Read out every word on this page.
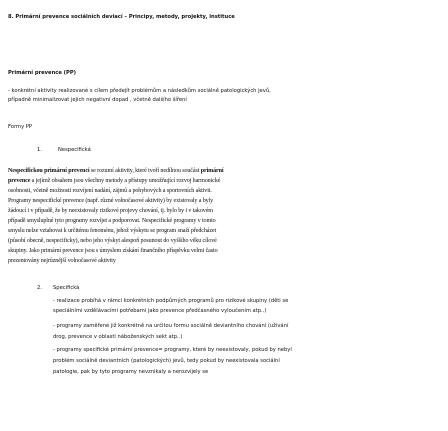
8. Primární prevence sociálních deviací – Principy, metody, projekty, instituce
Primární prevence (PP)
- konkrétní aktivity realizované s cílem předejít problémům a následkům sociálně patologických jevů,
případně minimalizovat jejich negativní dopad , včetně dalšího šíření
Formy PP
1.	Nespecifická
Nespecifickou primární prevencí se rozumí aktivity, které tvoří nedílnou součást primární
prevence a jejímž obsahem jsou všechny metody a přístupy umožňující rozvoj harmonické
osobnosti, včetně možnosti rozvíjení nadání, zájmů a pohybových a sportovních aktivit.
Programy nespecifické prevence (např. různé volnočasové aktivity) by existovaly a byly
žádoucí i v případě, že by neexistovaly rizikové projevy chování, tj. bylo by i v takovém
případě smysluplné tyto programy rozvíjet a podporovat. Nespecifické programy v tomto
smyslu nelze vztahovat k určitému fenoménu, jehož výskytu se program snaží předcházet
(působí obecně, nespecificky), nebo jeho výskyt alespoň posunout do vyššího věku cílové
skupiny. Jako primární prevence jsou s úmyslem získání finančního příspěvku velmi často
prezentovány nejrůznější volnočasové aktivity
2. Specifická
- realizace probíhá v rámci konkrétních podpůrných programů pro rizikové skupiny (děti se
speciálními vzdělávacími potřebami jako prevence předčasného vyloučením atp..)
- programy zaměřené již konkrétně na určitou formu sociálně deviantního chování (užívání
drog, prevence v oblasti náboženských sekt atp..)
- programy specifické primární prevence= programy, které by neexistovaly, pokud by nebyl
problém sociálně deviantních (patologických) jevů, tedy pokud by neexistovala sociální
patologie, pak by tyto programy nevznikaly a nerozvíjely se
